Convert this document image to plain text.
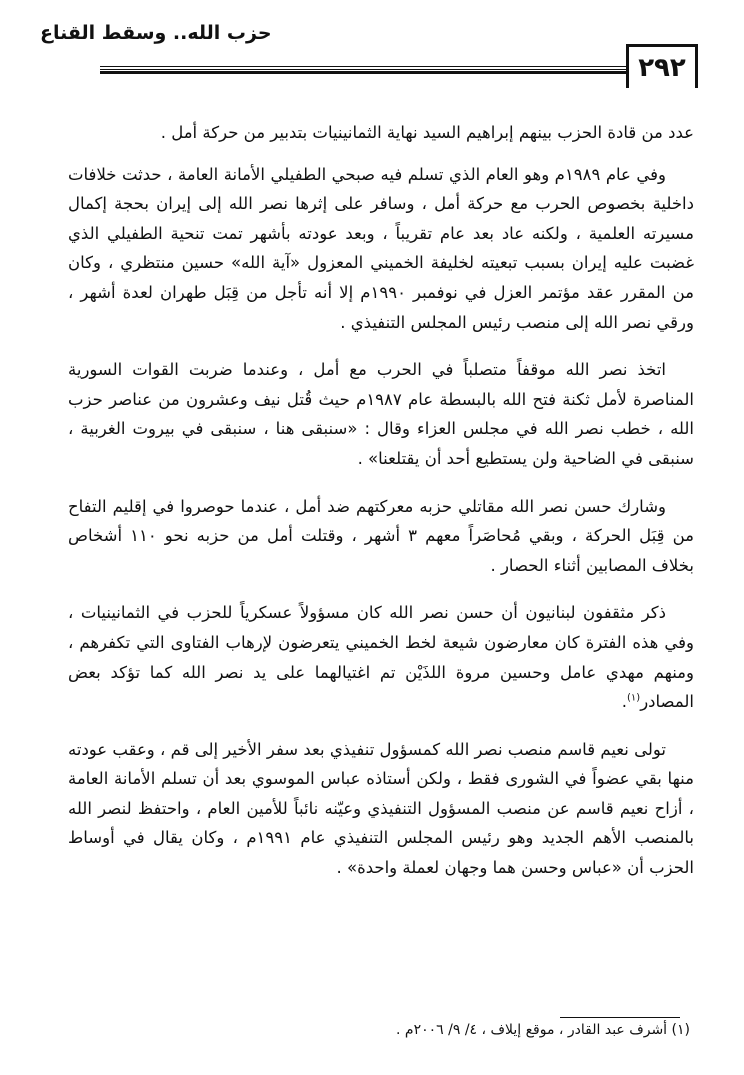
حزب الله.. وسقط القناع
٢٩٢

عدد من قادة الحزب بينهم إبراهيم السيد نهاية الثمانينيات بتدبير من حركة أمل .

وفي عام ١٩٨٩م وهو العام الذي تسلم فيه صبحي الطفيلي الأمانة العامة ، حدثت خلافات داخلية بخصوص الحرب مع حركة أمل ، وسافر على إثرها نصر الله إلى إيران بحجة إكمال مسيرته العلمية ، ولكنه عاد بعد عام تقريباً ، وبعد عودته بأشهر تمت تنحية الطفيلي الذي غضبت عليه إيران بسبب تبعيته لخليفة الخميني المعزول «آية الله» حسين منتظري ، وكان من المقرر عقد مؤتمر العزل في نوفمبر ١٩٩٠م إلا أنه تأجل من قِبَل طهران لعدة أشهر ، ورقي نصر الله إلى منصب رئيس المجلس التنفيذي .

اتخذ نصر الله موقفاً متصلباً في الحرب مع أمل ، وعندما ضربت القوات السورية المناصرة لأمل ثكنة فتح الله بالبسطة عام ١٩٨٧م حيث قُتل نيف وعشرون من عناصر حزب الله ، خطب نصر الله في مجلس العزاء وقال : «سنبقى هنا ، سنبقى في بيروت الغربية ، سنبقى في الضاحية ولن يستطيع أحد أن يقتلعنا» .

وشارك حسن نصر الله مقاتلي حزبه معركتهم ضد أمل ، عندما حوصروا في إقليم التفاح من قِبَل الحركة ، وبقي مُحاصَراً معهم ٣ أشهر ، وقتلت أمل من حزبه نحو ١١٠ أشخاص بخلاف المصابين أثناء الحصار .

ذكر مثقفون لبنانيون أن حسن نصر الله كان مسؤولاً عسكرياً للحزب في الثمانينيات ، وفي هذه الفترة كان معارضون شيعة لخط الخميني يتعرضون لإرهاب الفتاوى التي تكفرهم ، ومنهم مهدي عامل وحسين مروة اللذَيْن تم اغتيالهما على يد نصر الله كما تؤكد بعض المصادر$^{(١)}$.

تولى نعيم قاسم منصب نصر الله كمسؤول تنفيذي بعد سفر الأخير إلى قم ، وعقب عودته منها بقي عضواً في الشورى فقط ، ولكن أستاذه عباس الموسوي بعد أن تسلم الأمانة العامة ، أزاح نعيم قاسم عن منصب المسؤول التنفيذي وعيّنه نائباً للأمين العام ، واحتفظ لنصر الله بالمنصب الأهم الجديد وهو رئيس المجلس التنفيذي عام ١٩٩١م ، وكان يقال في أوساط الحزب أن «عباس وحسن هما وجهان لعملة واحدة» .

(١) أشرف عبد القادر ، موقع إيلاف ، ٤/ ٩/ ٢٠٠٦م .
